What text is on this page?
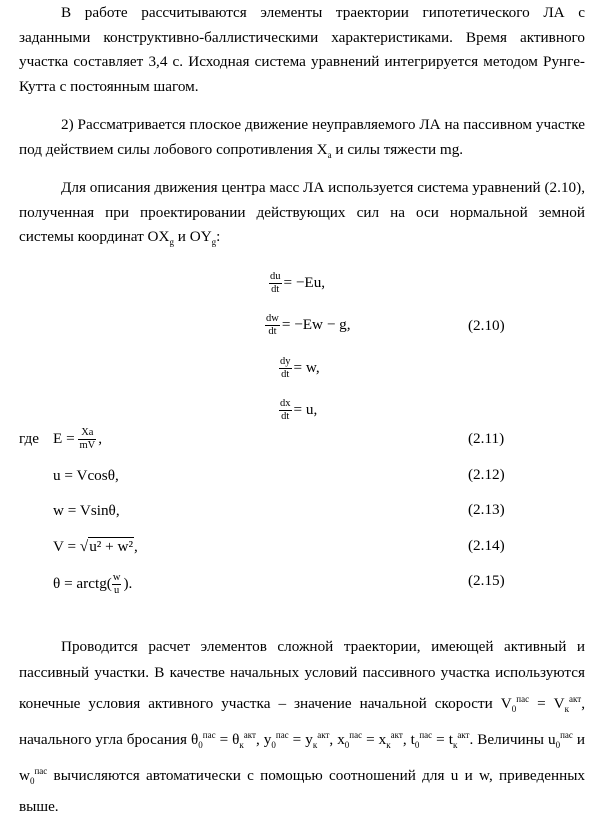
В работе рассчитываются элементы траектории гипотетического ЛА с заданными конструктивно-баллистическими характеристиками. Время активного участка составляет 3,4 с. Исходная система уравнений интегрируется методом Рунге-Кутта с постоянным шагом.

2) Рассматривается плоское движение неуправляемого ЛА на пассивном участке под действием силы лобового сопротивления $X_a$ и силы тяжести mg.

Для описания движения центра масс ЛА используется система уравнений (2.10), полученная при проектировании действующих сил на оси нормальной земной системы координат $OX_g$ и $OY_g$:

$\frac{du}{dt} = -Eu$,
$\frac{dw}{dt} = -Ew - g$,	(2.10)
$\frac{dy}{dt} = w$,
$\frac{dx}{dt} = u$,
где $E = \frac{Xa}{mV}$ ,	(2.11)
u = Vcosθ,	(2.12)
w = Vsinθ,	(2.13)
V = √u² + w²,	(2.14)
θ = arctg( $\frac{w}{u}$ ).	(2.15)

Проводится расчет элементов сложной траектории, имеющей активный и пассивный участки. В качестве начальных условий пассивного участка используются конечные условия активного участка – значение начальной скорости $V_0^{пас} = V_к^{акт}$, начального угла бросания $\theta_0^{пас} = \theta_к^{акт}$, $y_0^{пас} = y_к^{акт}$, $x_0^{пас} = x_к^{акт}$, $t_0^{пас} = t_к^{акт}$. Величины $u_0^{пас}$ и $w_0^{пас}$ вычисляются автоматически с помощью соотношений для u и w, приведенных выше.
